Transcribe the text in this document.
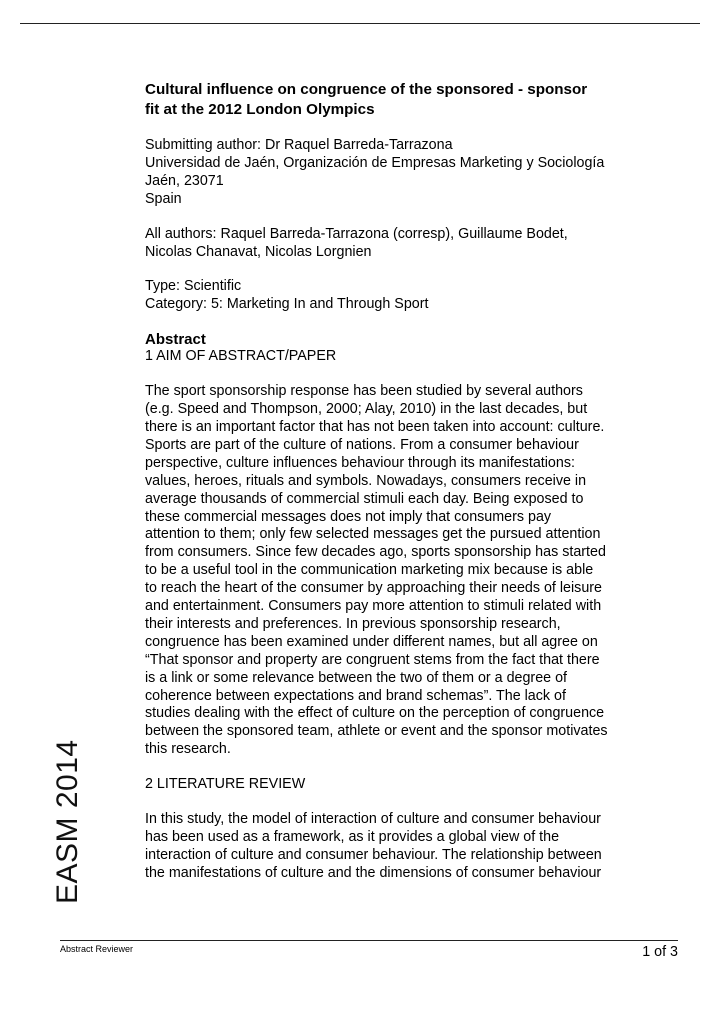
Cultural influence on congruence of the sponsored - sponsor
fit at the 2012 London Olympics
Submitting author: Dr Raquel Barreda-Tarrazona
Universidad de Jaén, Organización de Empresas Marketing y Sociología
Jaén, 23071
Spain
All authors: Raquel Barreda-Tarrazona (corresp), Guillaume Bodet,
Nicolas Chanavat, Nicolas Lorgnien
Type: Scientific
Category: 5: Marketing In and Through Sport
Abstract
1 AIM OF ABSTRACT/PAPER
The sport sponsorship response has been studied by several authors
(e.g. Speed and Thompson, 2000; Alay, 2010) in the last decades, but
there is an important factor that has not been taken into account: culture.
Sports are part of the culture of nations. From a consumer behaviour
perspective, culture influences behaviour through its manifestations:
values, heroes, rituals and symbols. Nowadays, consumers receive in
average thousands of commercial stimuli each day. Being exposed to
these commercial messages does not imply that consumers pay
attention to them; only few selected messages get the pursued attention
from consumers. Since few decades ago, sports sponsorship has started
to be a useful tool in the communication marketing mix because is able
to reach the heart of the consumer by approaching their needs of leisure
and entertainment. Consumers pay more attention to stimuli related with
their interests and preferences. In previous sponsorship research,
congruence has been examined under different names, but all agree on
“That sponsor and property are congruent stems from the fact that there
is a link or some relevance between the two of them or a degree of
coherence between expectations and brand schemas”. The lack of
studies dealing with the effect of culture on the perception of congruence
between the sponsored team, athlete or event and the sponsor motivates
this research.
2 LITERATURE REVIEW
In this study, the model of interaction of culture and consumer behaviour
has been used as a framework, as it provides a global view of the
interaction of culture and consumer behaviour. The relationship between
the manifestations of culture and the dimensions of consumer behaviour
EASM 2014
Abstract Reviewer	1 of 3
